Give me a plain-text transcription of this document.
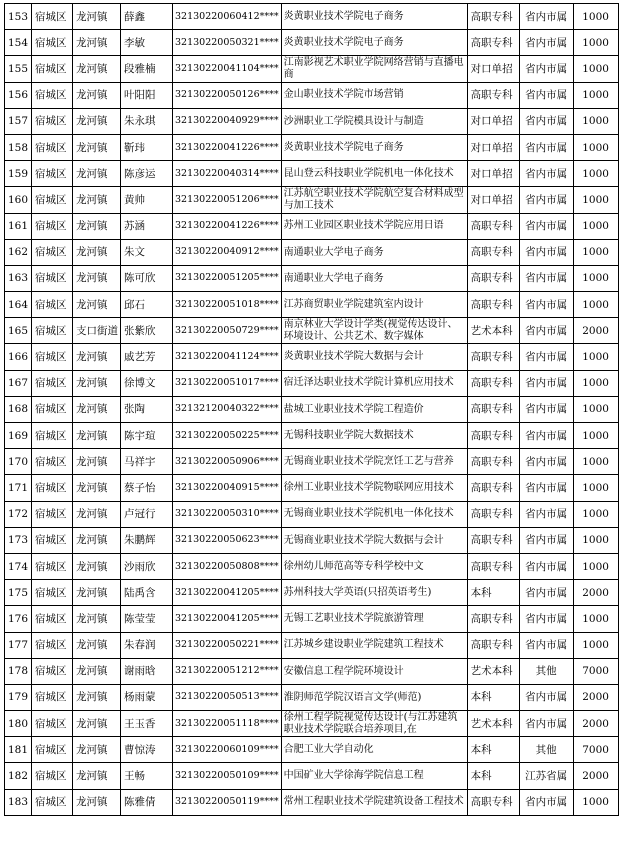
153	宿城区	龙河镇	薛鑫	32130220060412****	炎黄职业技术学院电子商务	高职专科	省内市属	1000
154	宿城区	龙河镇	李敏	32130220050321****	炎黄职业技术学院电子商务	高职专科	省内市属	1000
155	宿城区	龙河镇	段雅楠	32130220041104****	江南影视艺术职业学院网络营销与直播电商	对口单招	省内市属	1000
156	宿城区	龙河镇	叶阳阳	32130220050126****	金山职业技术学院市场营销	高职专科	省内市属	1000
157	宿城区	龙河镇	朱永琪	32130220040929****	沙洲职业工学院模具设计与制造	对口单招	省内市属	1000
158	宿城区	龙河镇	靳玮	32130220041226****	炎黄职业技术学院电子商务	对口单招	省内市属	1000
159	宿城区	龙河镇	陈彦运	32130220040314****	昆山登云科技职业学院机电一体化技术	对口单招	省内市属	1000
160	宿城区	龙河镇	黄帅	32130220051206****	江苏航空职业技术学院航空复合材料成型与加工技术	对口单招	省内市属	1000
161	宿城区	龙河镇	苏涵	32130220041226****	苏州工业园区职业技术学院应用日语	高职专科	省内市属	1000
162	宿城区	龙河镇	朱文	32130220040912****	南通职业大学电子商务	高职专科	省内市属	1000
163	宿城区	龙河镇	陈可欣	32130220051205****	南通职业大学电子商务	高职专科	省内市属	1000
164	宿城区	龙河镇	邱石	32130220051018****	江苏商贸职业学院建筑室内设计	高职专科	省内市属	1000
165	宿城区	支口街道	张紫欣	32130220050729****	南京林业大学设计学类(视觉传达设计、环境设计、公共艺术、数字媒体	艺术本科	省内市属	2000
166	宿城区	龙河镇	戚艺芳	32130220041124****	炎黄职业技术学院大数据与会计	高职专科	省内市属	1000
167	宿城区	龙河镇	徐博文	32130220051017****	宿迁泽达职业技术学院计算机应用技术	高职专科	省内市属	1000
168	宿城区	龙河镇	张陶	32132120040322****	盐城工业职业技术学院工程造价	高职专科	省内市属	1000
169	宿城区	龙河镇	陈宇瑄	32130220050225****	无锡科技职业学院大数据技术	高职专科	省内市属	1000
170	宿城区	龙河镇	马祥宇	32130220050906****	无锡商业职业技术学院烹饪工艺与营养	高职专科	省内市属	1000
171	宿城区	龙河镇	蔡子怡	32130220040915****	徐州工业职业技术学院物联网应用技术	高职专科	省内市属	1000
172	宿城区	龙河镇	卢冠行	32130220050310****	无锡商业职业技术学院机电一体化技术	高职专科	省内市属	1000
173	宿城区	龙河镇	朱鹏辉	32130220050623****	无锡商业职业技术学院大数据与会计	高职专科	省内市属	1000
174	宿城区	龙河镇	沙雨欣	32130220050808****	徐州幼儿师范高等专科学校中文	高职专科	省内市属	1000
175	宿城区	龙河镇	陆禹含	32130220041205****	苏州科技大学英语(只招英语考生)	本科	省内市属	2000
176	宿城区	龙河镇	陈莹莹	32130220041205****	无锡工艺职业技术学院旅游管理	高职专科	省内市属	1000
177	宿城区	龙河镇	朱春润	32130220050221****	江苏城乡建设职业学院建筑工程技术	高职专科	省内市属	1000
178	宿城区	龙河镇	谢雨晗	32130220051212****	安徽信息工程学院环境设计	艺术本科	其他	7000
179	宿城区	龙河镇	杨雨蒙	32130220050513****	淮阴师范学院汉语言文学(师范)	本科	省内市属	2000
180	宿城区	龙河镇	王玉香	32130220051118****	徐州工程学院视觉传达设计(与江苏建筑职业技术学院联合培养项目,在	艺术本科	省内市属	2000
181	宿城区	龙河镇	曹惊涛	32130220060109****	合肥工业大学自动化	本科	其他	7000
182	宿城区	龙河镇	王畅	32130220050109****	中国矿业大学徐海学院信息工程	本科	江苏省属	2000
183	宿城区	龙河镇	陈雅倩	32130220050119****	常州工程职业技术学院建筑设备工程技术	高职专科	省内市属	1000
